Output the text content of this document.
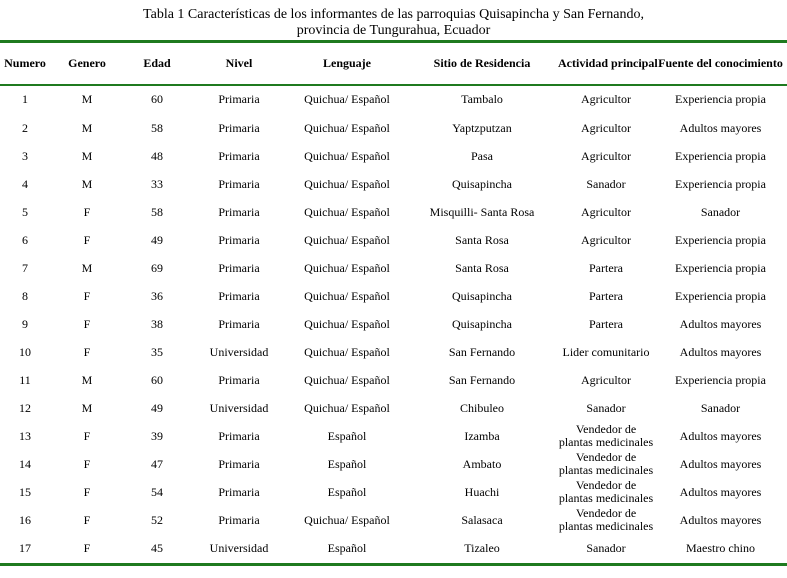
Tabla 1 Características de los informantes de las parroquias Quisapincha y San Fernando,
provincia de Tungurahua, Ecuador
Numero	Genero	Edad	Nivel	Lenguaje	Sitio de Residencia	Actividad principal	Fuente del conocimiento
1	M	60	Primaria	Quichua/ Español	Tambalo	Agricultor	Experiencia propia
2	M	58	Primaria	Quichua/ Español	Yaptzputzan	Agricultor	Adultos mayores
3	M	48	Primaria	Quichua/ Español	Pasa	Agricultor	Experiencia propia
4	M	33	Primaria	Quichua/ Español	Quisapincha	Sanador	Experiencia propia
5	F	58	Primaria	Quichua/ Español	Misquilli- Santa Rosa	Agricultor	Sanador
6	F	49	Primaria	Quichua/ Español	Santa Rosa	Agricultor	Experiencia propia
7	M	69	Primaria	Quichua/ Español	Santa Rosa	Partera	Experiencia propia
8	F	36	Primaria	Quichua/ Español	Quisapincha	Partera	Experiencia propia
9	F	38	Primaria	Quichua/ Español	Quisapincha	Partera	Adultos mayores
10	F	35	Universidad	Quichua/ Español	San Fernando	Lider comunitario	Adultos mayores
11	M	60	Primaria	Quichua/ Español	San Fernando	Agricultor	Experiencia propia
12	M	49	Universidad	Quichua/ Español	Chibuleo	Sanador	Sanador
13	F	39	Primaria	Español	Izamba	Vendedor de plantas medicinales	Adultos mayores
14	F	47	Primaria	Español	Ambato	Vendedor de plantas medicinales	Adultos mayores
15	F	54	Primaria	Español	Huachi	Vendedor de plantas medicinales	Adultos mayores
16	F	52	Primaria	Quichua/ Español	Salasaca	Vendedor de plantas medicinales	Adultos mayores
17	F	45	Universidad	Español	Tizaleo	Sanador	Maestro chino
